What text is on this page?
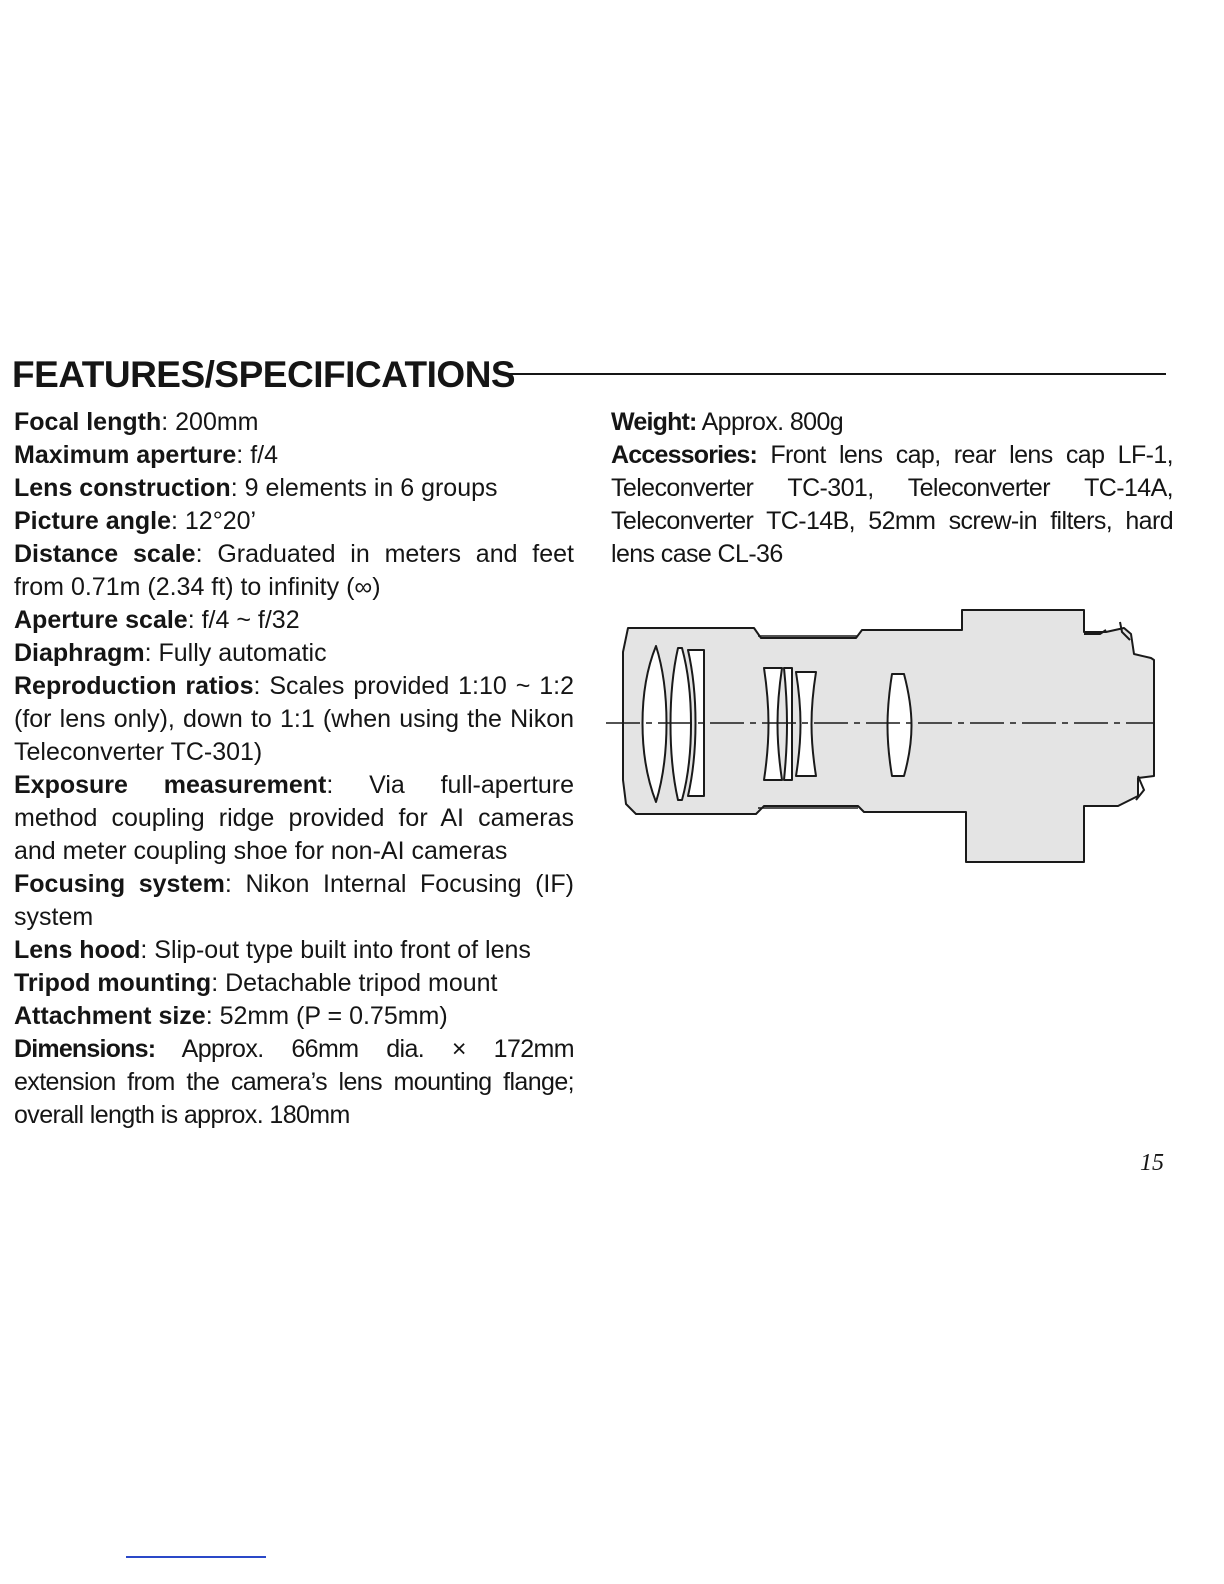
FEATURES/SPECIFICATIONS

Focal length: 200mm

Maximum aperture: f/4

Lens construction: 9 elements in 6 groups

Picture angle: 12°20’

Distance scale: Graduated in meters and feet from 0.71m (2.34 ft) to infinity (∞)

Aperture scale: f/4 ~ f/32

Diaphragm: Fully automatic

Reproduction ratios: Scales provided 1:10 ~ 1:2 (for lens only), down to 1:1 (when using the Nikon Teleconverter TC-301)

Exposure measurement: Via full-aperture method coupling ridge provided for AI cameras and meter coupling shoe for non-AI cameras

Focusing system: Nikon Internal Focusing (IF) system

Lens hood: Slip-out type built into front of lens

Tripod mounting: Detachable tripod mount

Attachment size: 52mm (P = 0.75mm)

Dimensions: Approx. 66mm dia. × 172mm extension from the camera’s lens mounting flange; overall length is approx. 180mm

Weight: Approx. 800g

Accessories: Front lens cap, rear lens cap LF-1, Teleconverter TC-301, Teleconverter TC-14A, Teleconverter TC-14B, 52mm screw-in filters, hard lens case CL-36

15
